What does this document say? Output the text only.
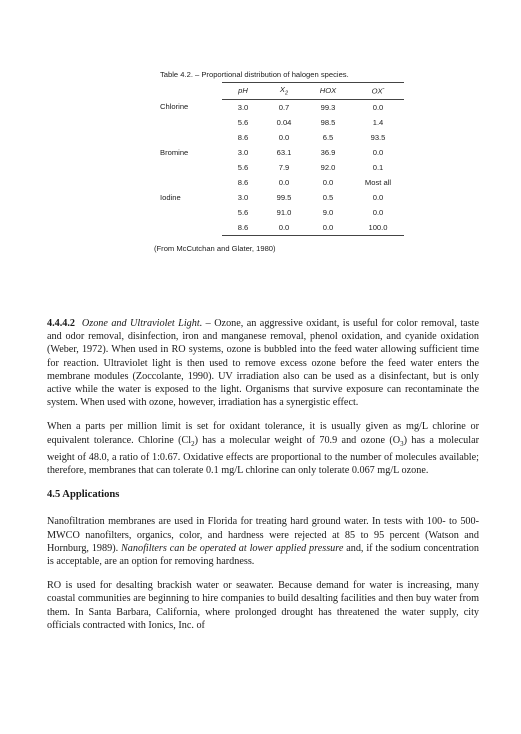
Table 4.2. – Proportional distribution of halogen species.
	pH	$X_2$	HOX	OX-
Chlorine	3.0	0.7	99.3	0.0
	5.6	0.04	98.5	1.4
	8.6	0.0	6.5	93.5
Bromine	3.0	63.1	36.9	0.0
	5.6	7.9	92.0	0.1
	8.6	0.0	0.0	Most all
Iodine	3.0	99.5	0.5	0.0
	5.6	91.0	9.0	0.0
	8.6	0.0	0.0	100.0
(From McCutchan and Glater, 1980)

4.4.4.2 Ozone and Ultraviolet Light. – Ozone, an aggressive oxidant, is useful for color removal, taste and odor removal, disinfection, iron and manganese removal, phenol oxidation, and cyanide oxidation (Weber, 1972). When used in RO systems, ozone is bubbled into the feed water allowing sufficient time for reaction. Ultraviolet light is then used to remove excess ozone before the feed water enters the membrane modules (Zoccolante, 1990). UV irradiation also can be used as a disinfectant, but is only active while the water is exposed to the light. Organisms that survive exposure can recontaminate the system. When used with ozone, however, irradiation has a synergistic effect.

When a parts per million limit is set for oxidant tolerance, it is usually given as mg/L chlorine or equivalent tolerance. Chlorine $(Cl_2)$ has a molecular weight of 70.9 and ozone $(O_3)$ has a molecular weight of 48.0, a ratio of 1:0.67. Oxidative effects are proportional to the number of molecules available; therefore, membranes that can tolerate 0.1 mg/L chlorine can only tolerate 0.067 mg/L ozone.

4.5 Applications

Nanofiltration membranes are used in Florida for treating hard ground water. In tests with 100- to 500-MWCO nanofilters, organics, color, and hardness were rejected at 85 to 95 percent (Watson and Hornburg, 1989). Nanofilters can be operated at lower applied pressure and, if the sodium concentration is acceptable, are an option for removing hardness.

RO is used for desalting brackish water or seawater. Because demand for water is increasing, many coastal communities are beginning to hire companies to build desalting facilities and then buy water from them. In Santa Barbara, California, where prolonged drought has threatened the water supply, city officials contracted with Ionics, Inc. of
